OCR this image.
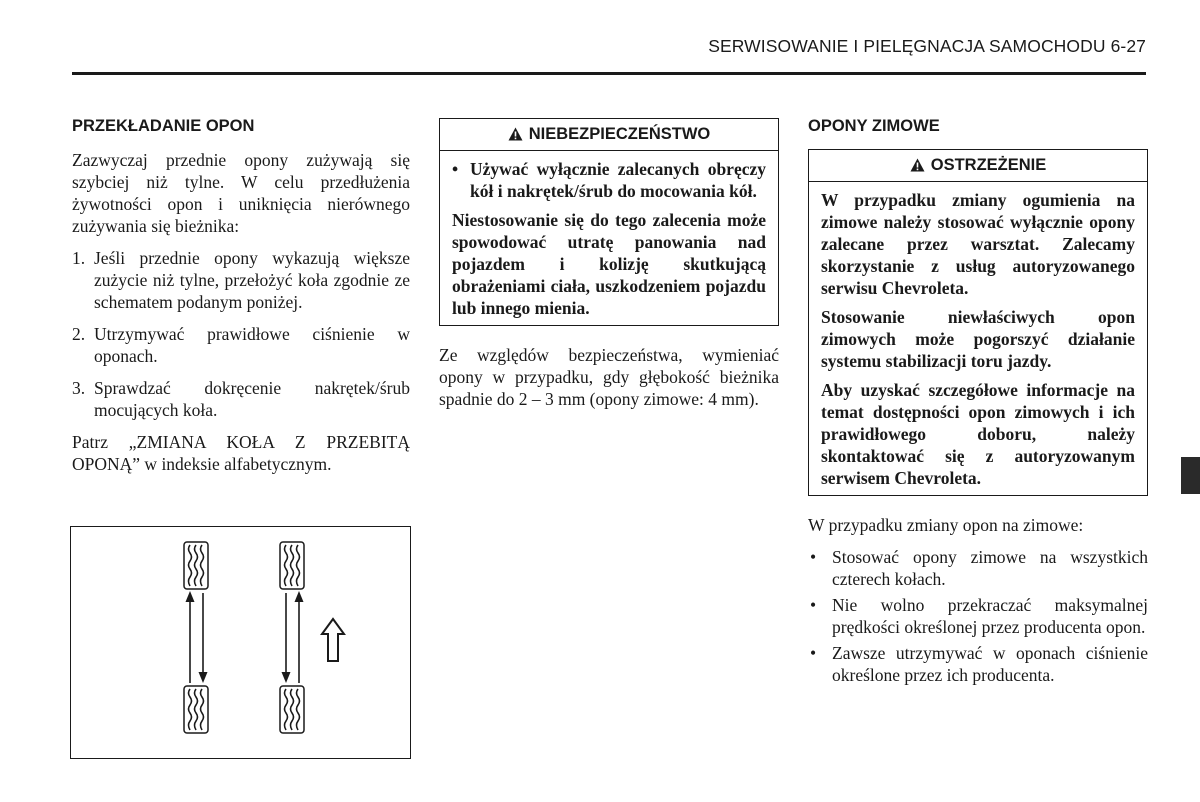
SERWISOWANIE I PIELĘGNACJA SAMOCHODU 6-27
PRZEKŁADANIE OPON

Zazwyczaj przednie opony zużywają się szybciej niż tylne. W celu przedłużenia żywotności opon i uniknięcia nierównego zużywania się bieżnika:

1. Jeśli przednie opony wykazują większe zużycie niż tylne, przełożyć koła zgodnie ze schematem podanym poniżej.
2. Utrzymywać prawidłowe ciśnienie w oponach.
3. Sprawdzać dokręcenie nakrętek/śrub mocujących koła.

Patrz „ZMIANA KOŁA Z PRZEBITĄ OPONĄ” w indeksie alfabetycznym.

NIEBEZPIECZEŃSTWO
• Używać wyłącznie zalecanych obręczy kół i nakrętek/śrub do mocowania kół.

Niestosowanie się do tego zalecenia może spowodować utratę panowania nad pojazdem i kolizję skutkującą obrażeniami ciała, uszkodzeniem pojazdu lub innego mienia.

Ze względów bezpieczeństwa, wymieniać opony w przypadku, gdy głębokość bieżnika spadnie do 2 – 3 mm (opony zimowe: 4 mm).

OPONY ZIMOWE
OSTRZEŻENIE

W przypadku zmiany ogumienia na zimowe należy stosować wyłącznie opony zalecane przez warsztat. Zalecamy skorzystanie z usług autoryzowanego serwisu Chevroleta.

Stosowanie niewłaściwych opon zimowych może pogorszyć działanie systemu stabilizacji toru jazdy.

Aby uzyskać szczegółowe informacje na temat dostępności opon zimowych i ich prawidłowego doboru, należy skontaktować się z autoryzowanym serwisem Chevroleta.

W przypadku zmiany opon na zimowe:

• Stosować opony zimowe na wszystkich czterech kołach.
• Nie wolno przekraczać maksymalnej prędkości określonej przez producenta opon.
• Zawsze utrzymywać w oponach ciśnienie określone przez ich producenta.
